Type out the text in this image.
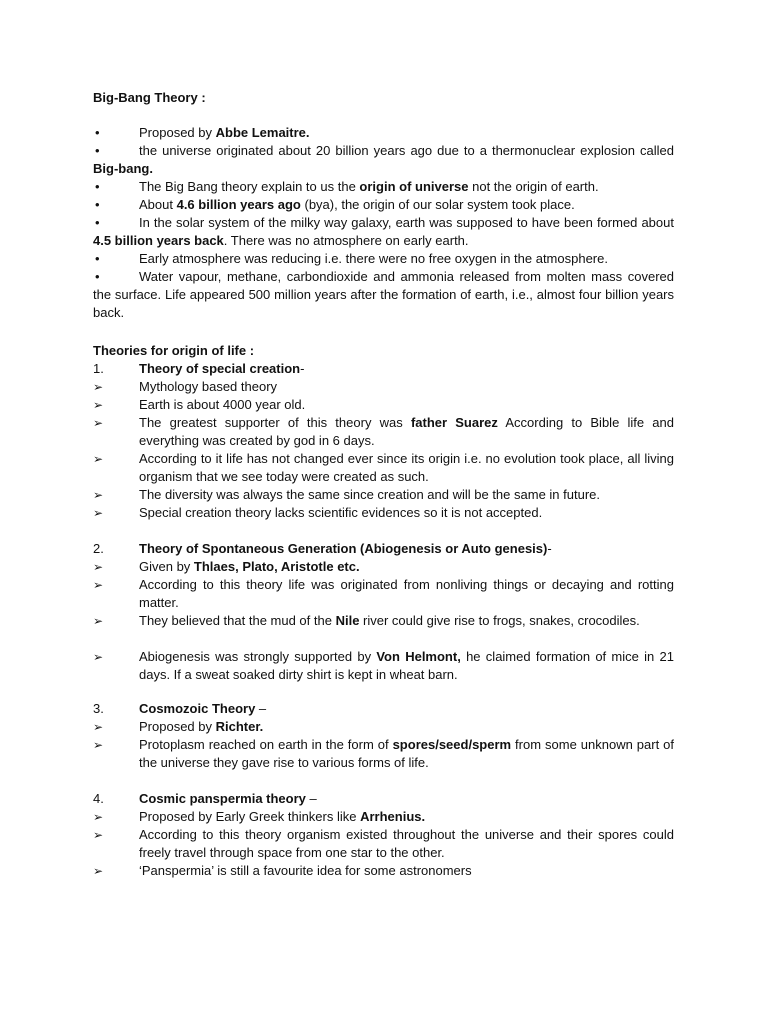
Big-Bang Theory :

•	Proposed by Abbe Lemaitre.

•	the universe originated about 20 billion years ago due to a thermonuclear explosion called Big-bang.

•	The Big Bang theory explain to us the origin of universe not the origin of earth.

•	About 4.6 billion years ago (bya), the origin of our solar system took place.

•	In the solar system of the milky way galaxy, earth was supposed to have been formed about 4.5 billion years back. There was no atmosphere on early earth.

•	Early atmosphere was reducing i.e. there were no free oxygen in the atmosphere.

•	Water vapour, methane, carbondioxide and ammonia released from molten mass covered the surface. Life appeared 500 million years after the formation of earth, i.e., almost four billion years back.

Theories for origin of life :
1.	Theory of special creation-
➢	Mythology based theory

➢	Earth is about 4000 year old.

➢	The greatest supporter of this theory was father Suarez According to Bible life and everything was created by god in 6 days.

➢	According to it life has not changed ever since its origin i.e. no evolution took place, all living organism that we see today were created as such.

➢	The diversity was always the same since creation and will be the same in future.

➢	Special creation theory lacks scientific evidences so it is not accepted.

2.	Theory of Spontaneous Generation (Abiogenesis or Auto genesis)-
➢	Given by Thlaes, Plato, Aristotle etc.

➢	According to this theory life was originated from nonliving things or decaying and rotting matter.

➢	They believed that the mud of the Nile river could give rise to frogs, snakes, crocodiles.

➢	Abiogenesis was strongly supported by Von Helmont, he claimed formation of mice in 21 days. If a sweat soaked dirty shirt is kept in wheat barn.

3.	Cosmozoic Theory –
➢	Proposed by Richter.

➢	Protoplasm reached on earth in the form of spores/seed/sperm from some unknown part of the universe they gave rise to various forms of life.

4.	Cosmic panspermia theory –
➢	Proposed by Early Greek thinkers like Arrhenius.

➢	According to this theory organism existed throughout the universe and their spores could freely travel through space from one star to the other.

➢	‘Panspermia’ is still a favourite idea for some astronomers
